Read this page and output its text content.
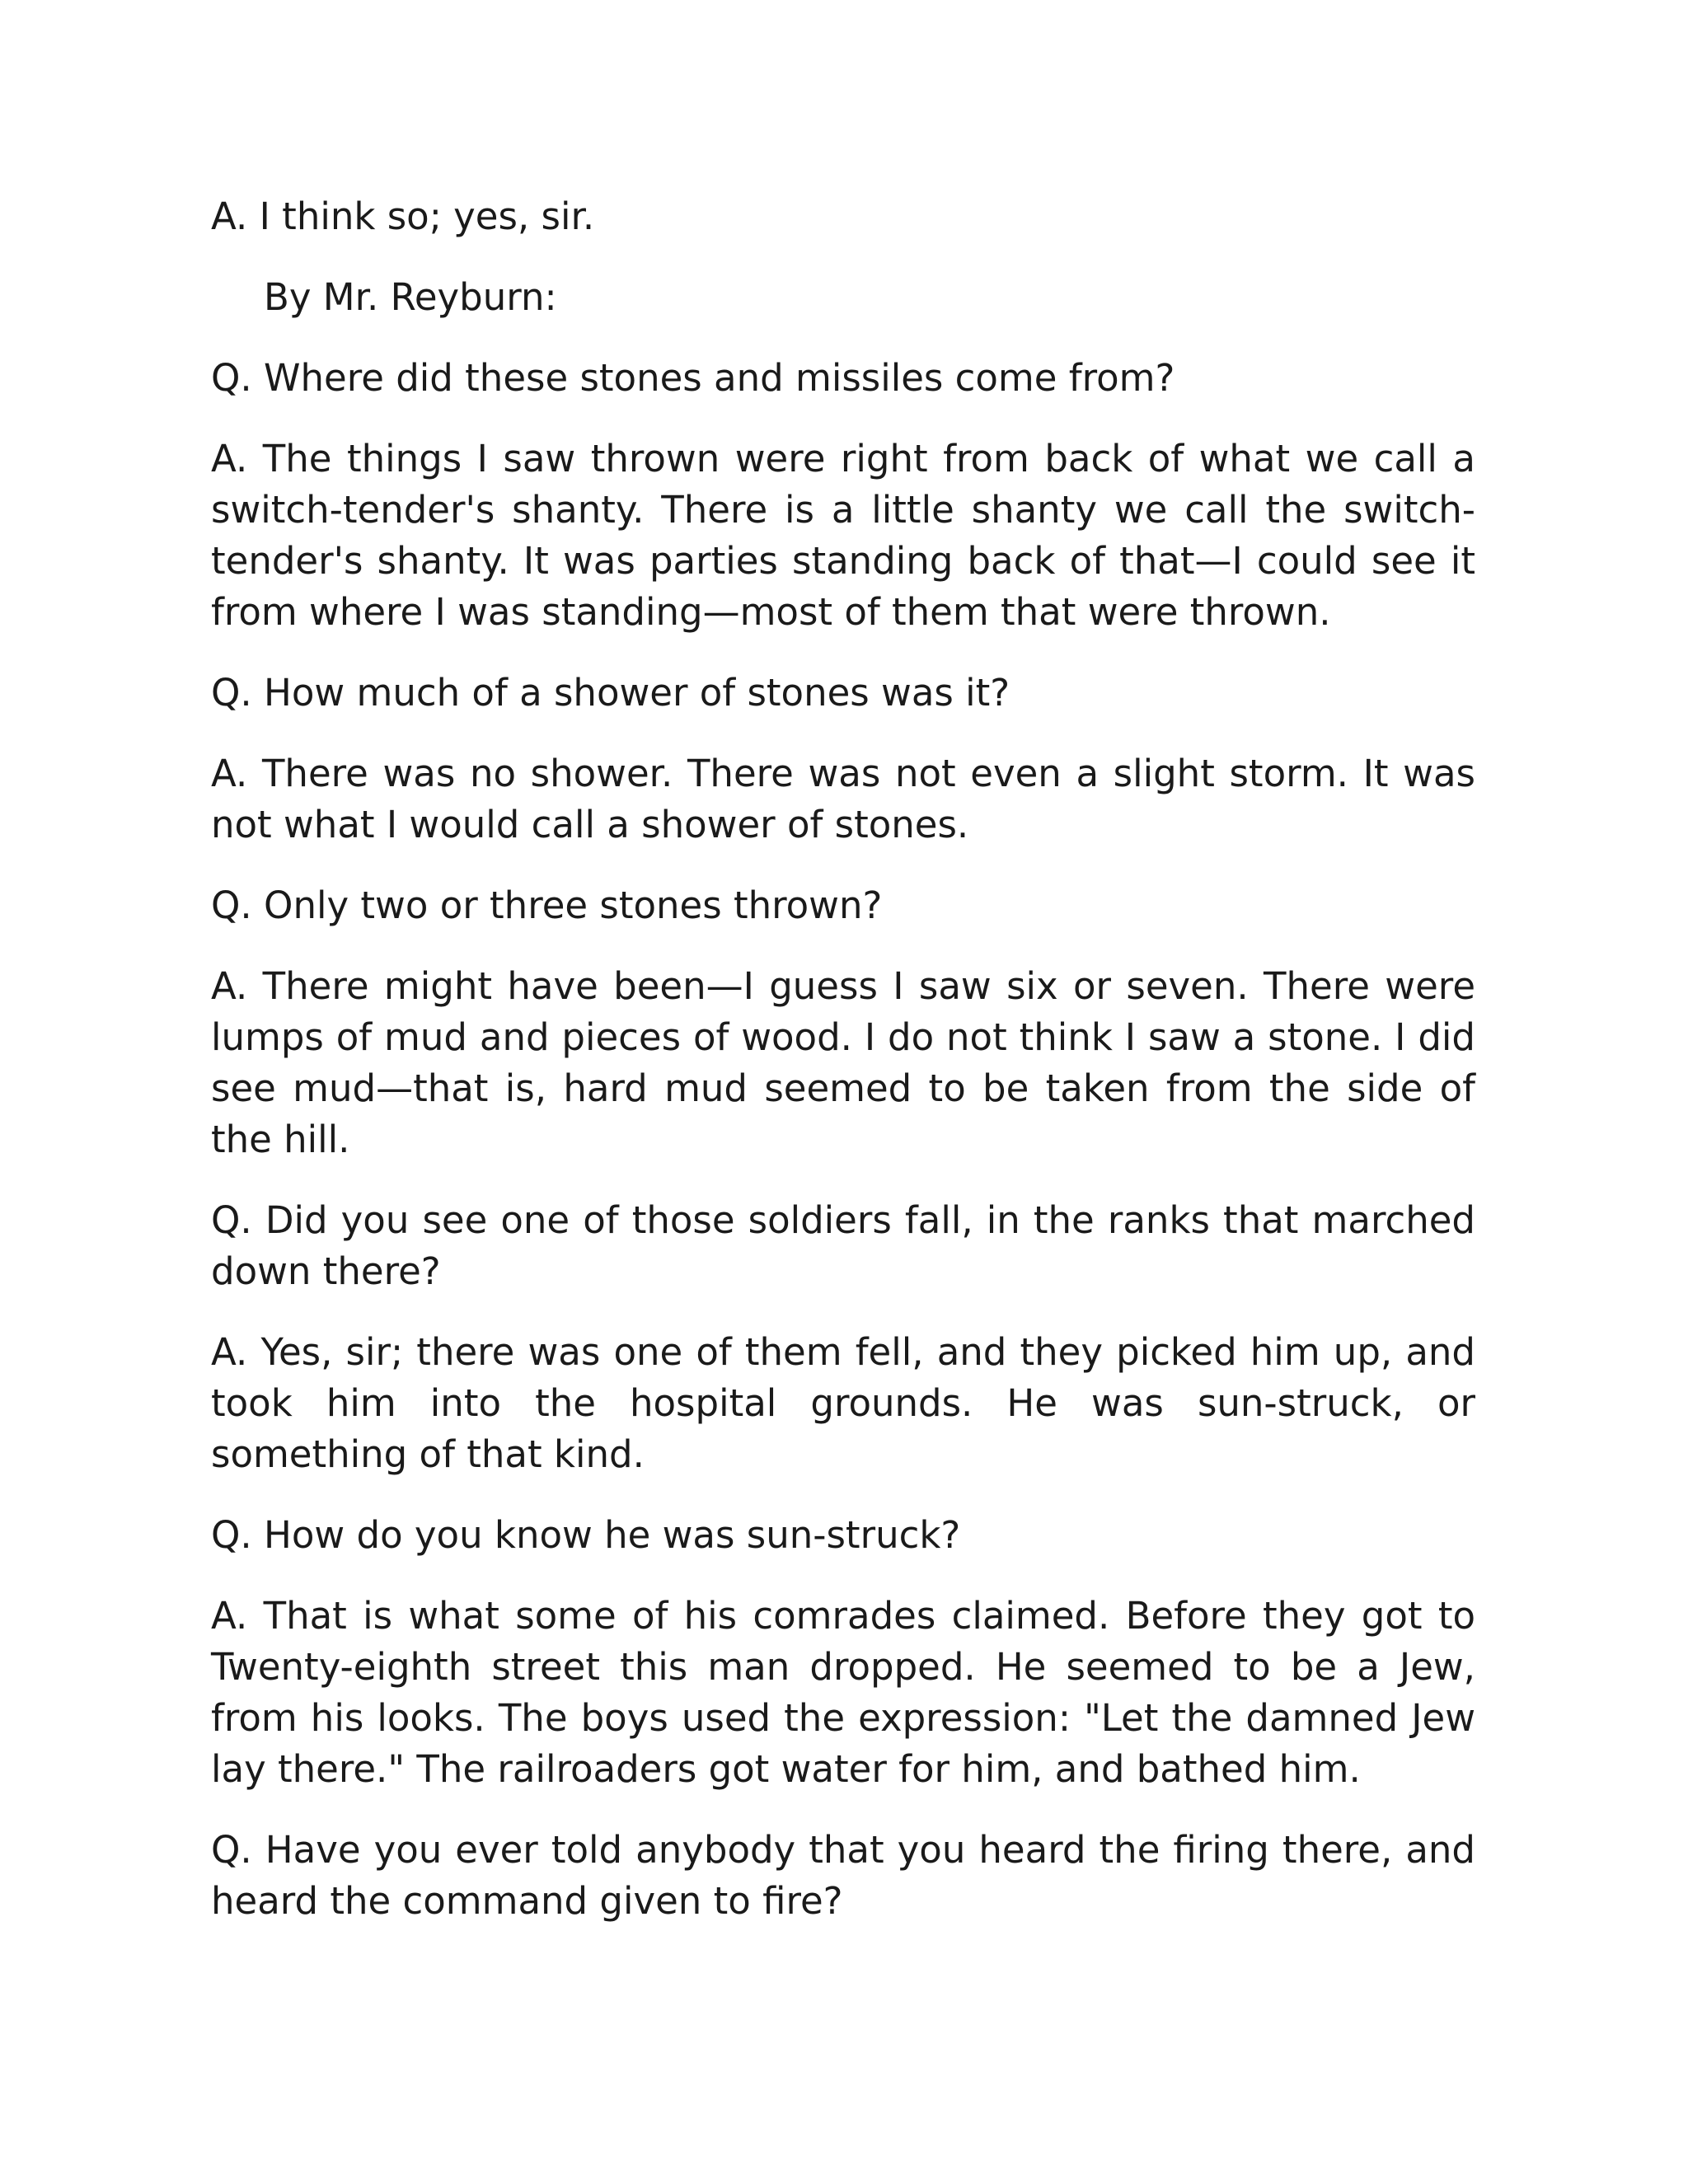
A. I think so; yes, sir.

By Mr. Reyburn:

Q. Where did these stones and missiles come from?

A. The things I saw thrown were right from back of what we call a switch-tender's shanty. There is a little shanty we call the switch-tender's shanty. It was parties standing back of that—I could see it from where I was standing—most of them that were thrown.

Q. How much of a shower of stones was it?

A. There was no shower. There was not even a slight storm. It was not what I would call a shower of stones.

Q. Only two or three stones thrown?

A. There might have been—I guess I saw six or seven. There were lumps of mud and pieces of wood. I do not think I saw a stone. I did see mud—that is, hard mud seemed to be taken from the side of the hill.

Q. Did you see one of those soldiers fall, in the ranks that marched down there?

A. Yes, sir; there was one of them fell, and they picked him up, and took him into the hospital grounds. He was sun-struck, or something of that kind.

Q. How do you know he was sun-struck?

A. That is what some of his comrades claimed. Before they got to Twenty-eighth street this man dropped. He seemed to be a Jew, from his looks. The boys used the expression: "Let the damned Jew lay there." The railroaders got water for him, and bathed him.

Q. Have you ever told anybody that you heard the firing there, and heard the command given to fire?
